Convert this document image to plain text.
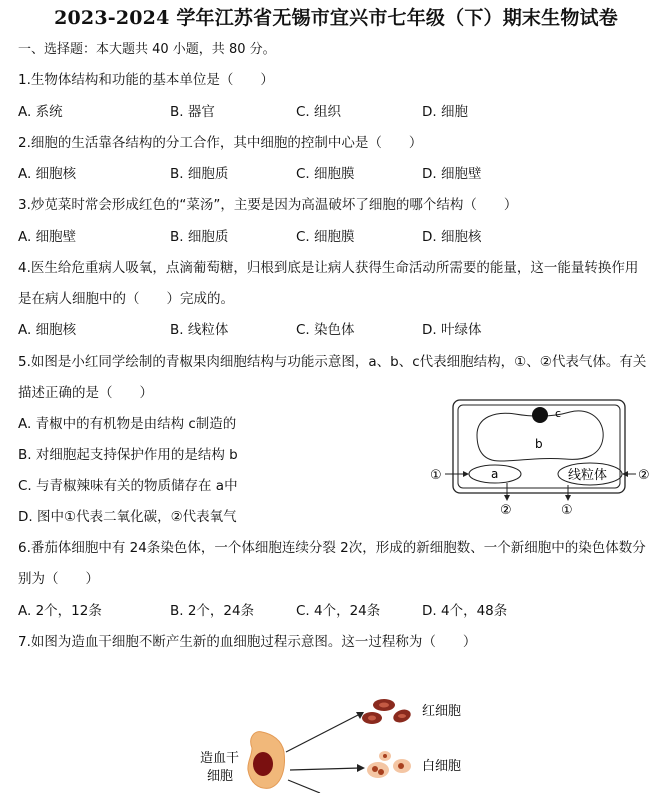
2023-2024 学年江苏省无锡市宜兴市七年级（下）期末生物试卷
一、选择题：本大题共 40 小题，共 80 分。
1.生物体结构和功能的基本单位是（　　）
A. 系统	B. 器官	C. 组织	D. 细胞
2.细胞的生活靠各结构的分工合作，其中细胞的控制中心是（　　）
A. 细胞核	B. 细胞质	C. 细胞膜	D. 细胞壁
3.炒苋菜时常会形成红色的“菜汤”，主要是因为高温破坏了细胞的哪个结构（　　）
A. 细胞壁	B. 细胞质	C. 细胞膜	D. 细胞核
4.医生给危重病人吸氧，点滴葡萄糖，归根到底是让病人获得生命活动所需要的能量，这一能量转换作用
是在病人细胞中的（　　）完成的。
A. 细胞核	B. 线粒体	C. 染色体	D. 叶绿体
5.如图是小红同学绘制的青椒果肉细胞结构与功能示意图，a、b、c代表细胞结构，①、②代表气体。有关
描述正确的是（　　）
A. 青椒中的有机物是由结构 c制造的
B. 对细胞起支持保护作用的是结构 b
C. 与青椒辣味有关的物质储存在 a中
D. 图中①代表二氧化碳，②代表氧气
c
b
a	线粒体
①
②
②
①
6.番茄体细胞中有 24条染色体，一个体细胞连续分裂 2次，形成的新细胞数、一个新细胞中的染色体数分
别为（　　）
A. 2个，12条	B. 2个，24条	C. 4个，24条	D. 4个，48条
7.如图为造血干细胞不断产生新的血细胞过程示意图。这一过程称为（　　）
造血干
细胞
红细胞
白细胞
